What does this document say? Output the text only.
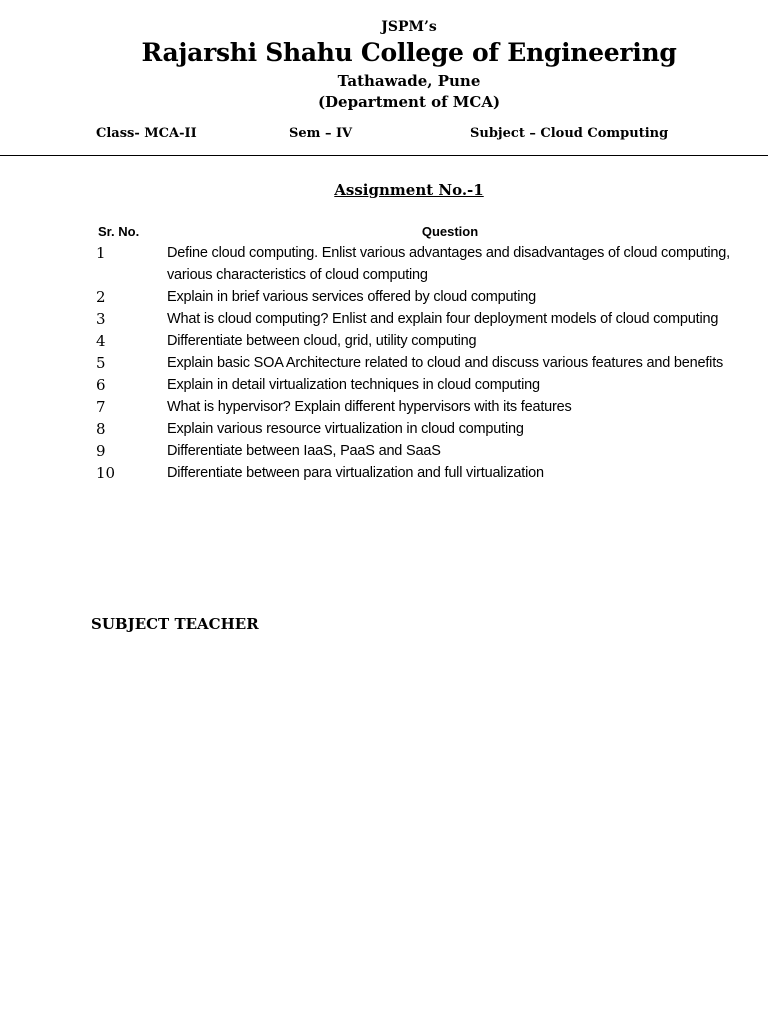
JSPM’s
Rajarshi Shahu College of Engineering
Tathawade, Pune
(Department of MCA)
Class- MCA-II	Sem – IV	Subject – Cloud Computing
Assignment No.-1
Sr. No.	Question
1	Define cloud computing. Enlist various advantages and disadvantages of cloud computing, various characteristics of cloud computing
2	Explain in brief various services offered by cloud computing
3	What is cloud computing? Enlist and explain four deployment models of cloud computing
4	Differentiate between cloud, grid, utility computing
5	Explain basic SOA Architecture related to cloud and discuss various features and benefits
6	Explain in detail virtualization techniques in cloud computing
7	What is hypervisor? Explain different hypervisors with its features
8	Explain various resource virtualization in cloud computing
9	Differentiate between IaaS, PaaS and SaaS
10	Differentiate between para virtualization and full virtualization
SUBJECT TEACHER
